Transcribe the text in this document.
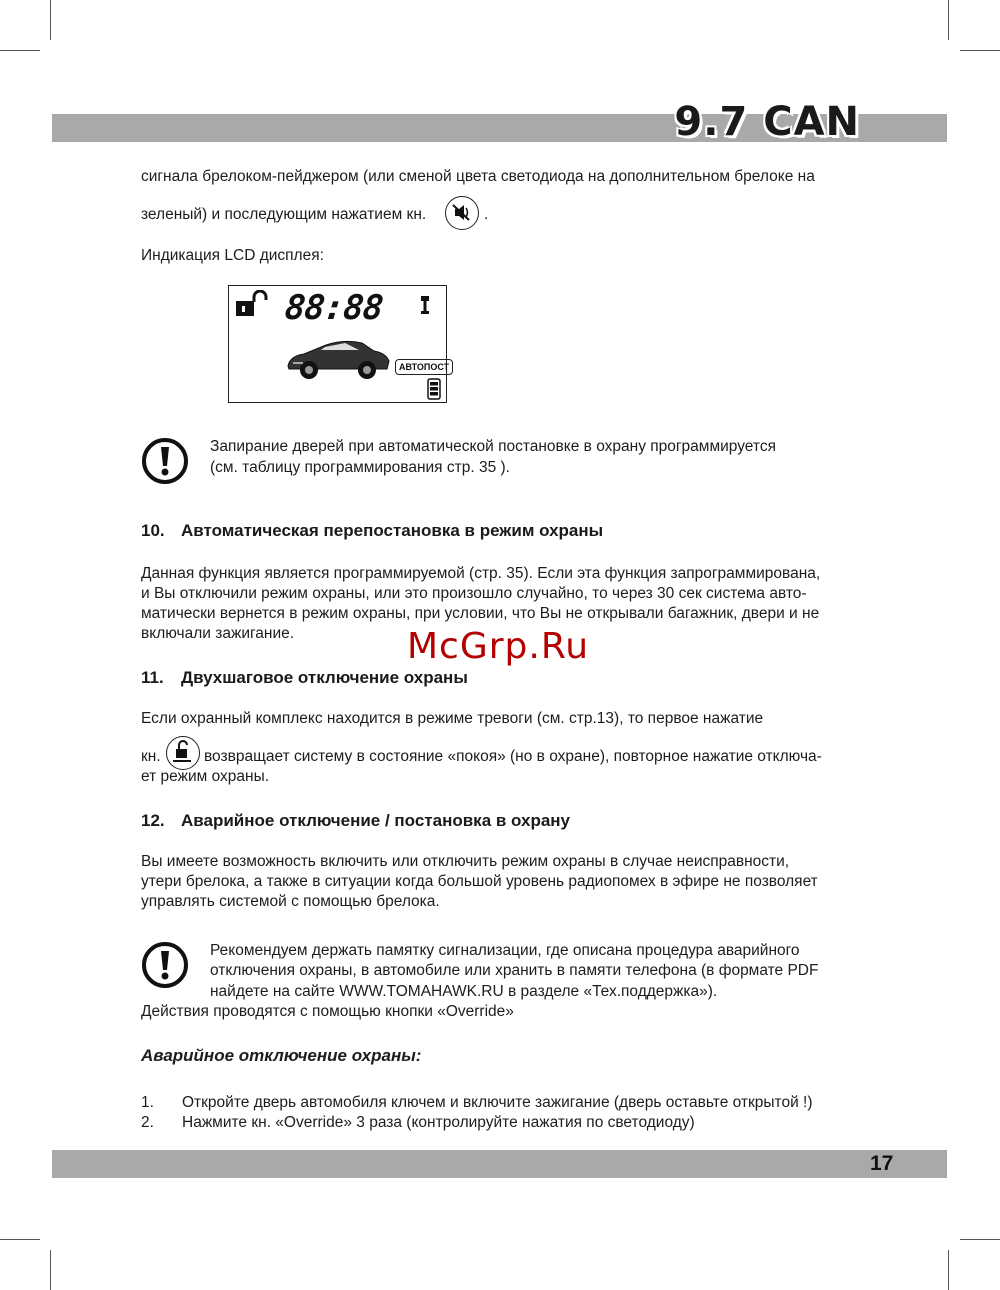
9.7 CAN
сигнала брелоком-пейджером (или сменой цвета светодиода на дополнительном брелоке на
зеленый) и последующим нажатием кн.	.
Индикация LCD дисплея:
88:88
АВТОПОСТ
Запирание дверей при автоматической постановке в охрану программируется
(см. таблицу программирования стр. 35 ).
10. Автоматическая перепостановка в режим охраны
Данная функция является программируемой (стр. 35). Если эта функция запрограммирована,
и Вы отключили режим охраны, или это произошло случайно, то через 30 сек система авто-
матически вернется в режим охраны, при условии, что Вы не открывали багажник, двери и не
включали зажигание.	McGrp.Ru
11. Двухшаговое отключение охраны
Если охранный комплекс находится в режиме тревоги (см. стр.13), то первое нажатие
кн.	возвращает систему в состояние «покоя» (но в охране), повторное нажатие отключа-
ет режим охраны.
12. Аварийное отключение / постановка в охрану
Вы имеете возможность включить или отключить режим охраны в случае неисправности,
утери брелока, а также в ситуации когда большой уровень радиопомех в эфире не позволяет
управлять системой с помощью брелока.
Рекомендуем держать памятку сигнализации, где описана процедура аварийного
отключения охраны, в автомобиле или хранить в памяти телефона (в формате PDF
найдете на сайте WWW.TOMAHAWK.RU в разделе «Тех.поддержка»).
Действия проводятся с помощью кнопки «Override»
Аварийное отключение охраны:
1. Откройте дверь автомобиля ключем и включите зажигание (дверь оставьте открытой !)
2. Нажмите кн. «Override» 3 раза (контролируйте нажатия по светодиоду)
17
